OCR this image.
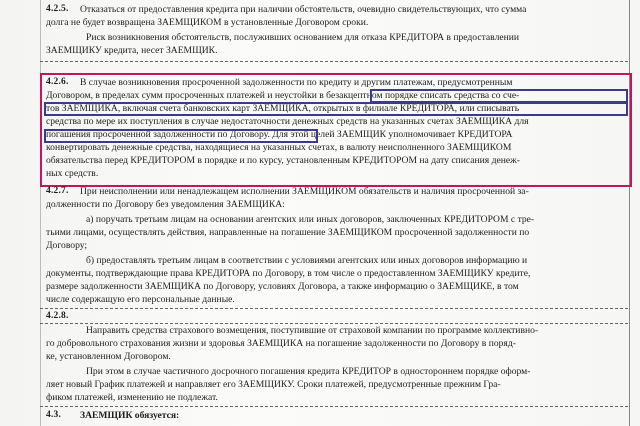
4.2.5. Отказаться от предоставления кредита при наличии обстоятельств, очевидно свидетельствующих, что сумма
долга не будет возвращена ЗАЕМЩИКОМ в установленные Договором сроки.
Риск возникновения обстоятельств, послуживших основанием для отказа КРЕДИТОРА в предоставлении
ЗАЕМЩИКУ кредита, несет ЗАЕМЩИК.
4.2.6. В случае возникновения просроченной задолженности по кредиту и другим платежам, предусмотренным
Договором, в пределах сумм просроченных платежей и неустойки в безакцептном порядке списать средства со сче-
тов ЗАЕМЩИКА, включая счета банковских карт ЗАЕМЩИКА, открытых в филиале КРЕДИТОРА, или списывать
средства по мере их поступления в случае недостаточности денежных средств на указанных счетах ЗАЕМЩИКА для
погашения просроченной задолженности по Договору. Для этой целей ЗАЕМЩИК уполномочивает КРЕДИТОРА
конвертировать денежные средства, находящиеся на указанных счетах, в валюту неисполненного ЗАЕМЩИКОМ
обязательства перед КРЕДИТОРОМ в порядке и по курсу, установленным КРЕДИТОРОМ на дату списания денеж-
ных средств.
4.2.7. При неисполнении или ненадлежащем исполнении ЗАЕМЩИКОМ обязательств и наличия просроченной за-
долженности по Договору без уведомления ЗАЕМЩИКА:
а) поручать третьим лицам на основании агентских или иных договоров, заключенных КРЕДИТОРОМ с тре-
тьими лицами, осуществлять действия, направленные на погашение ЗАЕМЩИКОМ просроченной задолженности по
Договору;
б) предоставлять третьим лицам в соответствии с условиями агентских или иных договоров информацию и
документы, подтверждающие права КРЕДИТОРА по Договору, в том числе о предоставленном ЗАЕМЩИКУ кредите,
размере задолженности ЗАЕМЩИКА по Договору, условиях Договора, а также информацию о ЗАЕМЩИКЕ, в том
числе содержащую его персональные данные.
4.2.8.
Направить средства страхового возмещения, поступившие от страховой компании по программе коллективно-
го добровольного страхования жизни и здоровья ЗАЕМЩИКА на погашение задолженности по Договору в поряд-
ке, установленном Договором.
При этом в случае частичного досрочного погашения кредита КРЕДИТОР в одностороннем порядке оформ-
ляет новый График платежей и направляет его ЗАЕМЩИКУ. Сроки платежей, предусмотренные прежним Гра-
фиком платежей, изменению не подлежат.
4.3. ЗАЕМЩИК обязуется:
